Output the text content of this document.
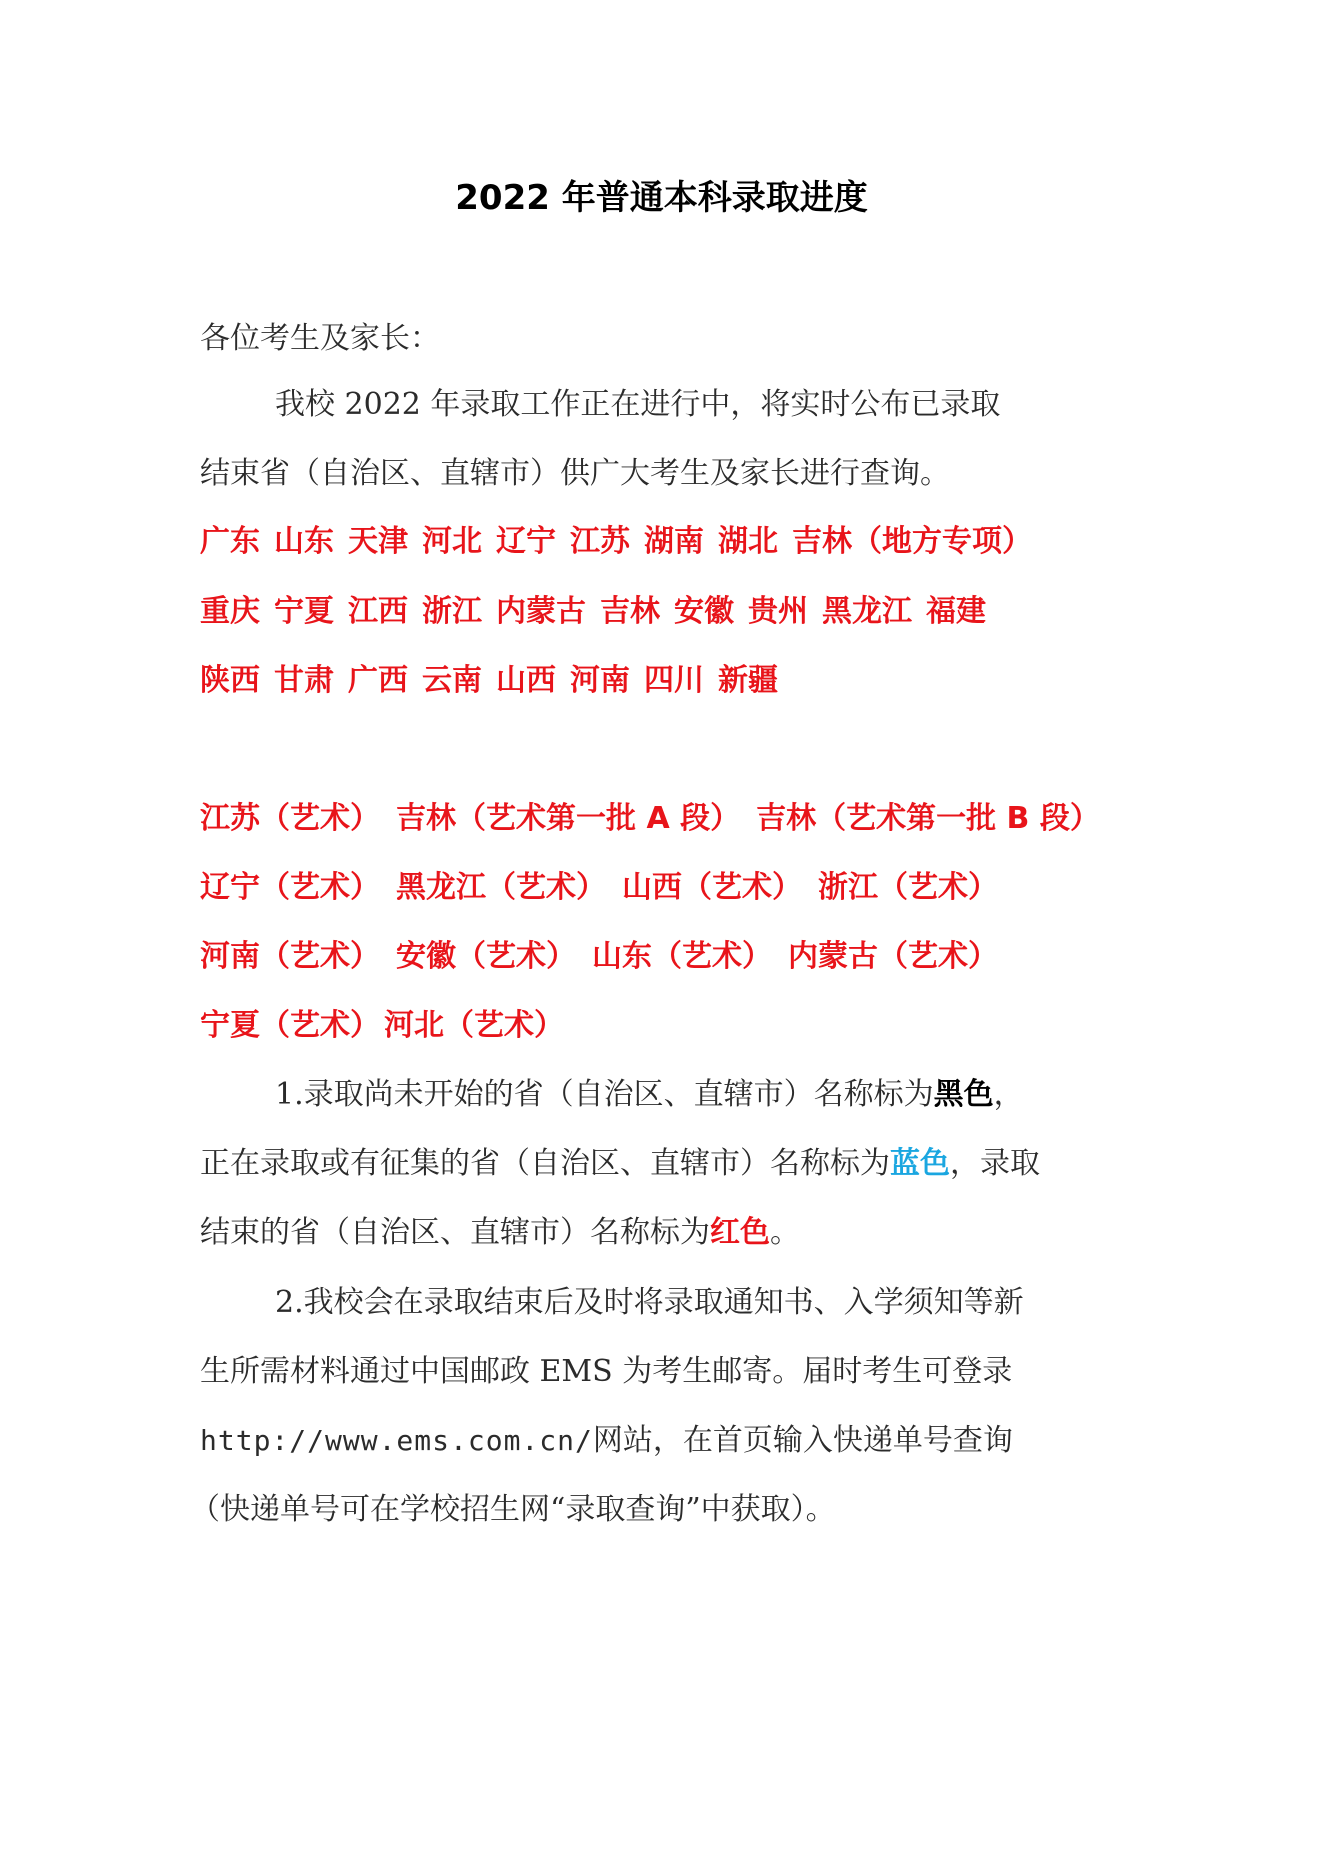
2022 年普通本科录取进度
各位考生及家长：
我校 2022 年录取工作正在进行中，将实时公布已录取
结束省（自治区、直辖市）供广大考生及家长进行查询。
广东 山东 天津 河北 辽宁 江苏 湖南 湖北 吉林（地方专项）
重庆 宁夏 江西 浙江 内蒙古 吉林 安徽 贵州 黑龙江 福建
陕西 甘肃 广西 云南 山西 河南 四川 新疆
江苏（艺术） 吉林（艺术第一批 A 段） 吉林（艺术第一批 B 段）
辽宁（艺术） 黑龙江（艺术） 山西（艺术） 浙江（艺术）
河南（艺术） 安徽（艺术） 山东（艺术） 内蒙古（艺术）
宁夏（艺术） 河北（艺术）
1.录取尚未开始的省（自治区、直辖市）名称标为黑色，
正在录取或有征集的省（自治区、直辖市）名称标为蓝色，录取
结束的省（自治区、直辖市）名称标为红色。
2.我校会在录取结束后及时将录取通知书、入学须知等新
生所需材料通过中国邮政 EMS 为考生邮寄。届时考生可登录
http://www.ems.com.cn/网站，在首页输入快递单号查询
（快递单号可在学校招生网“录取查询”中获取）。
